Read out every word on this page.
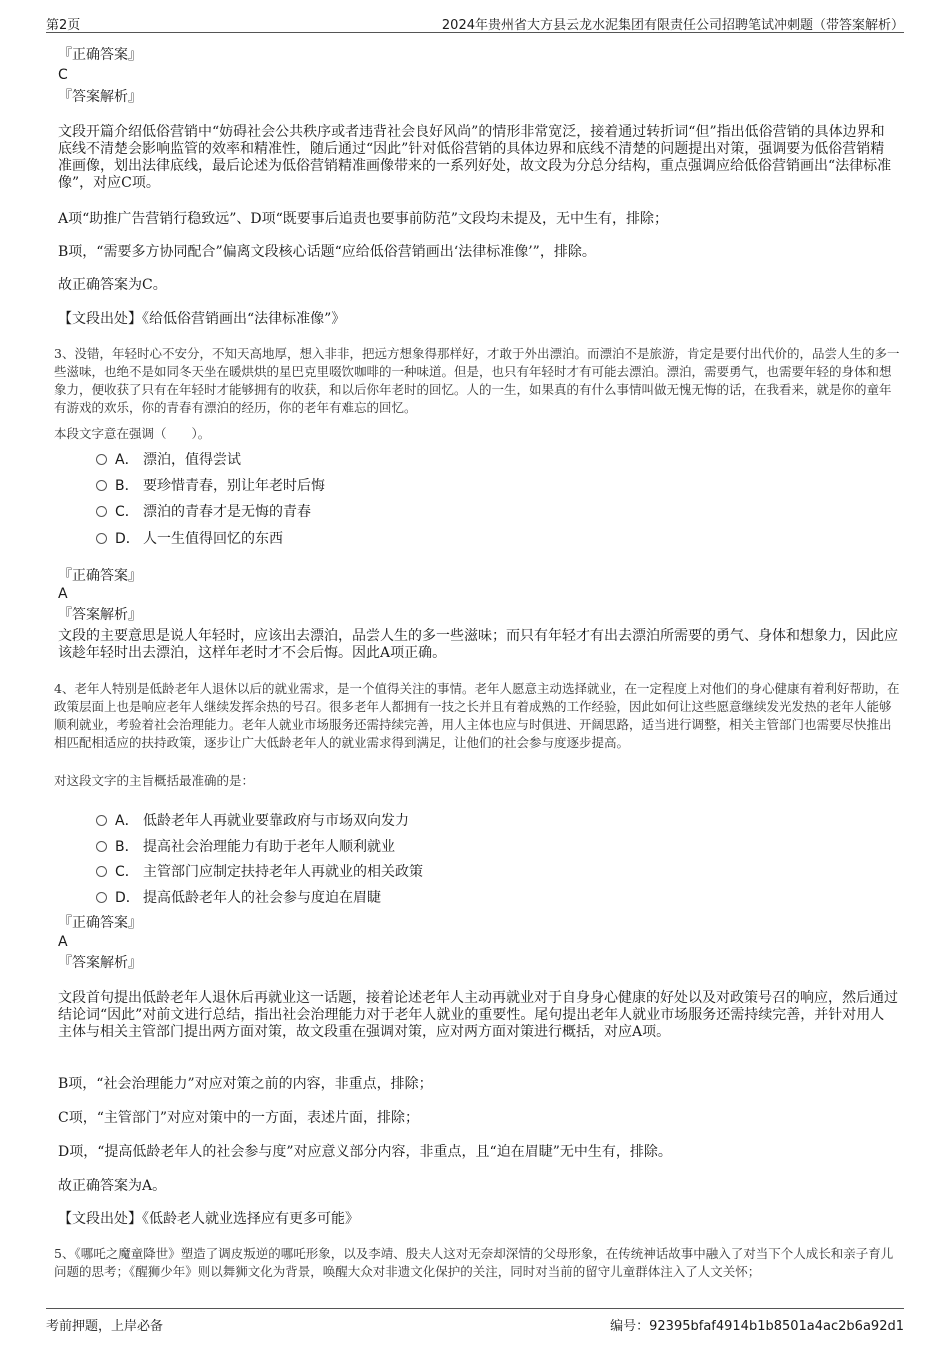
第2页	2024年贵州省大方县云龙水泥集团有限责任公司招聘笔试冲刺题（带答案解析）
『正确答案』
C
『答案解析』
文段开篇介绍低俗营销中“妨碍社会公共秩序或者违背社会良好风尚”的情形非常宽泛，接着通过转折词“但”指出低俗营销的具体边界和底线不清楚会影响监管的效率和精准性，随后通过“因此”针对低俗营销的具体边界和底线不清楚的问题提出对策，强调要为低俗营销精准画像，划出法律底线，最后论述为低俗营销精准画像带来的一系列好处，故文段为分总分结构，重点强调应给低俗营销画出“法律标准像”，对应C项。
A项“助推广告营销行稳致远”、D项“既要事后追责也要事前防范”文段均未提及，无中生有，排除；
B项，“需要多方协同配合”偏离文段核心话题“应给低俗营销画出‘法律标准像’”，排除。
故正确答案为C。
【文段出处】《给低俗营销画出“法律标准像”》
3、没错，年轻时心不安分，不知天高地厚，想入非非，把远方想象得那样好，才敢于外出漂泊。而漂泊不是旅游，肯定是要付出代价的，品尝人生的多一些滋味，也绝不是如同冬天坐在暖烘烘的星巴克里啜饮咖啡的一种味道。但是，也只有年轻时才有可能去漂泊。漂泊，需要勇气，也需要年轻的身体和想象力，便收获了只有在年轻时才能够拥有的收获，和以后你年老时的回忆。人的一生，如果真的有什么事情叫做无愧无悔的话，在我看来，就是你的童年有游戏的欢乐，你的青春有漂泊的经历，你的老年有难忘的回忆。
本段文字意在强调（　　）。
A． 漂泊，值得尝试
B． 要珍惜青春，别让年老时后悔
C． 漂泊的青春才是无悔的青春
D． 人一生值得回忆的东西
『正确答案』
A
『答案解析』
文段的主要意思是说人年轻时，应该出去漂泊，品尝人生的多一些滋味；而只有年轻才有出去漂泊所需要的勇气、身体和想象力，因此应该趁年轻时出去漂泊，这样年老时才不会后悔。因此A项正确。
4、老年人特别是低龄老年人退休以后的就业需求，是一个值得关注的事情。老年人愿意主动选择就业，在一定程度上对他们的身心健康有着利好帮助，在政策层面上也是响应老年人继续发挥余热的号召。很多老年人都拥有一技之长并且有着成熟的工作经验，因此如何让这些愿意继续发光发热的老年人能够顺利就业，考验着社会治理能力。老年人就业市场服务还需持续完善，用人主体也应与时俱进、开阔思路，适当进行调整，相关主管部门也需要尽快推出相匹配相适应的扶持政策，逐步让广大低龄老年人的就业需求得到满足，让他们的社会参与度逐步提高。
对这段文字的主旨概括最准确的是：
A． 低龄老年人再就业要靠政府与市场双向发力
B． 提高社会治理能力有助于老年人顺利就业
C． 主管部门应制定扶持老年人再就业的相关政策
D． 提高低龄老年人的社会参与度迫在眉睫
『正确答案』
A
『答案解析』
文段首句提出低龄老年人退休后再就业这一话题，接着论述老年人主动再就业对于自身身心健康的好处以及对政策号召的响应，然后通过结论词“因此”对前文进行总结，指出社会治理能力对于老年人就业的重要性。尾句提出老年人就业市场服务还需持续完善，并针对用人主体与相关主管部门提出两方面对策，故文段重在强调对策，应对两方面对策进行概括，对应A项。
B项，“社会治理能力”对应对策之前的内容，非重点，排除；
C项，“主管部门”对应对策中的一方面，表述片面，排除；
D项，“提高低龄老年人的社会参与度”对应意义部分内容，非重点，且“迫在眉睫”无中生有，排除。
故正确答案为A。
【文段出处】《低龄老人就业选择应有更多可能》
5、《哪吒之魔童降世》塑造了调皮叛逆的哪吒形象，以及李靖、殷夫人这对无奈却深情的父母形象，在传统神话故事中融入了对当下个人成长和亲子育儿问题的思考；《醒狮少年》则以舞狮文化为背景，唤醒大众对非遗文化保护的关注，同时对当前的留守儿童群体注入了人文关怀；
考前押题，上岸必备	编号：92395bfaf4914b1b8501a4ac2b6a92d1
